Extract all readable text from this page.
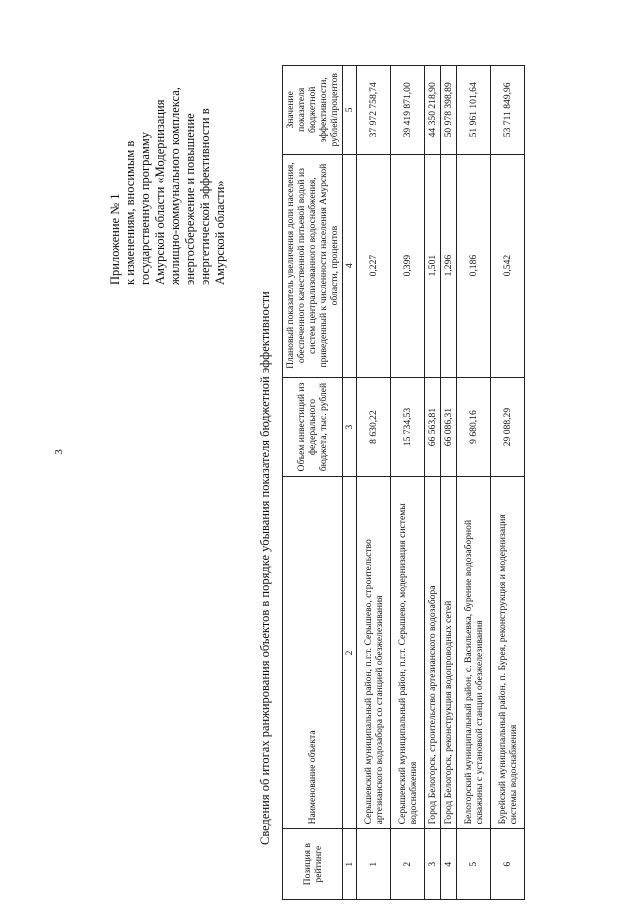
3
Приложение № 1 к изменениям, вносимым в государственную программу Амурской области «Модернизация жилищно-коммунального комплекса, энергосбережение и повышение энергетической эффективности в Амурской области»
Сведения об итогах ранжирования объектов в порядке убывания показателя бюджетной эффективности
Позиция в рейтинге	Наименование объекта	Объем инвестиций из федерального бюджета, тыс. рублей	Плановый показатель увеличения доли населения, обеспеченного качественной питьевой водой из систем централизованного водоснабжения, приведенный к численности населения Амурской области, процентов	Значение показателя бюджетной эффективности, рублей/процентов
1	2	3	4	5
1	Серышевский муниципальный район, п.г.т. Серышево, строительство артезианского водозабора со станцией обезжелезивания	8 630,22	0,227	37 972 758,74
2	Серышевский муниципальный район, п.г.т. Серышево, модернизация системы водоснабжения	15 734,53	0,399	39 419 871,00
3	Город Белогорск, строительство артезианского водозабора	66 563,81	1,501	44 350 218,90
4	Город Белогорск, реконструкция водопроводных сетей	66 086,31	1,296	50 978 398,89
5	Белогорский муниципальный район, с. Васильевка, бурение водозаборной скважины с установкой станции обезжелезивания	9 680,16	0,186	51 961 101,64
6	Бурейский муниципальный район, п. Бурея, реконструкция и модернизация системы водоснабжения	29 088,29	0,542	53 711 849,96
